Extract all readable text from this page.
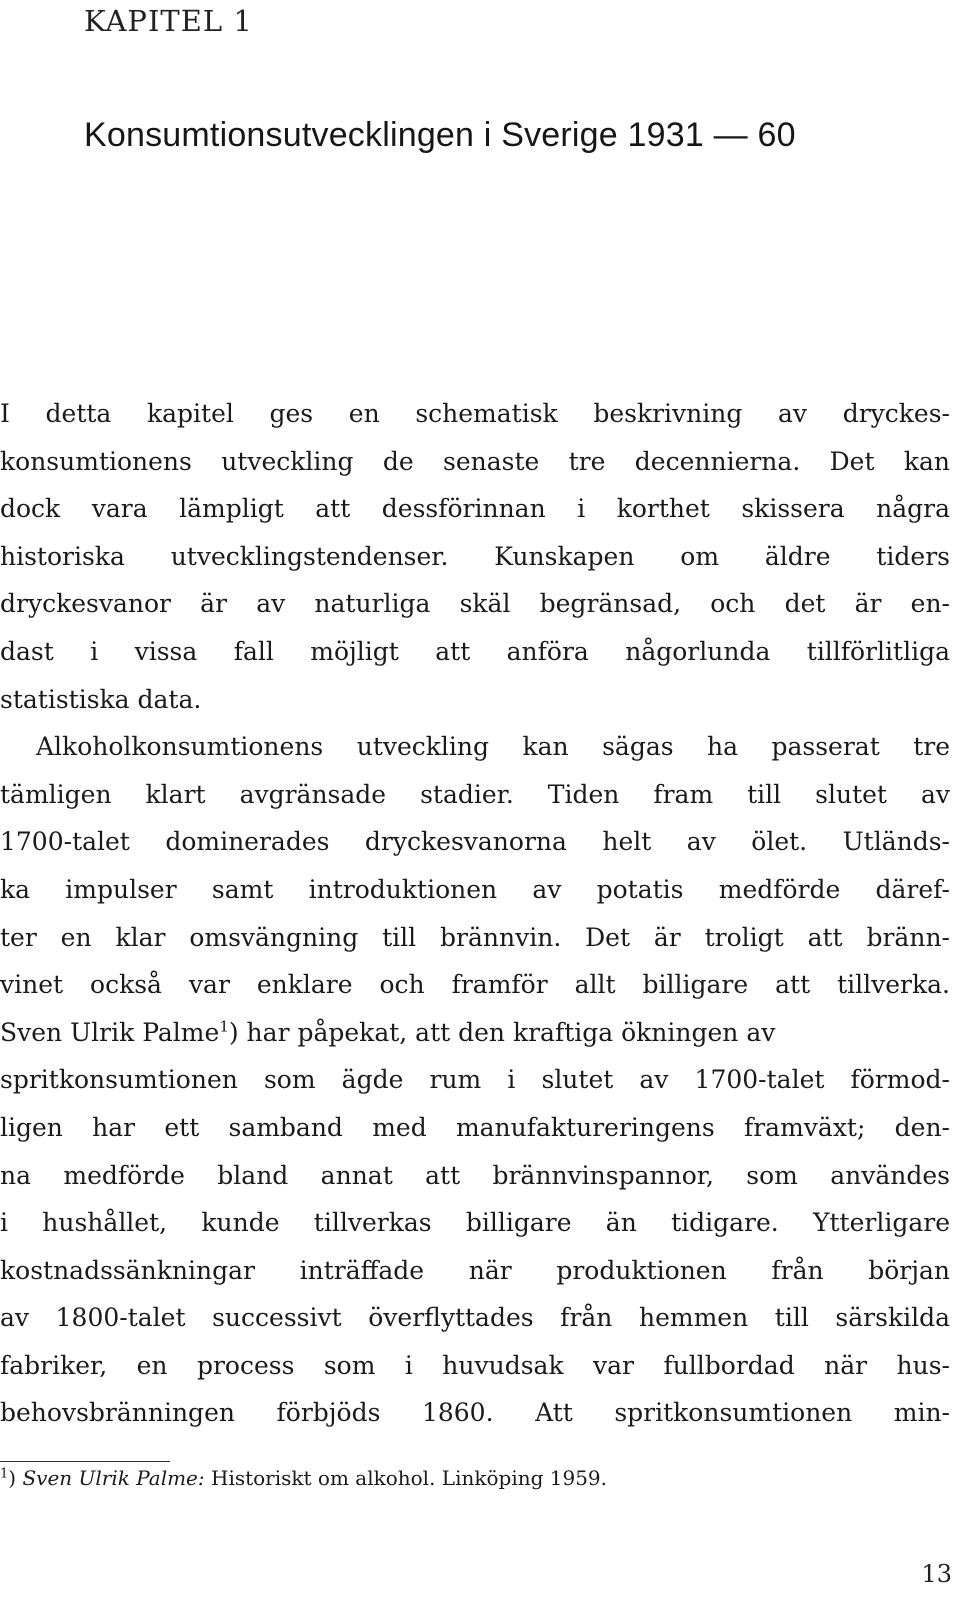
KAPITEL 1
Konsumtionsutvecklingen i Sverige 1931 — 60
I detta kapitel ges en schematisk beskrivning av dryckes-
konsumtionens utveckling de senaste tre decennierna. Det kan
dock vara lämpligt att dessförinnan i korthet skissera några
historiska utvecklingstendenser. Kunskapen om äldre tiders
dryckesvanor är av naturliga skäl begränsad, och det är en-
dast i vissa fall möjligt att anföra någorlunda tillförlitliga
statistiska data.
Alkoholkonsumtionens utveckling kan sägas ha passerat tre
tämligen klart avgränsade stadier. Tiden fram till slutet av
1700-talet dominerades dryckesvanorna helt av ölet. Utländs-
ka impulser samt introduktionen av potatis medförde däref-
ter en klar omsvängning till brännvin. Det är troligt att bränn-
vinet också var enklare och framför allt billigare att tillverka.
Sven Ulrik Palme$^1$) har påpekat, att den kraftiga ökningen av
spritkonsumtionen som ägde rum i slutet av 1700-talet förmod-
ligen har ett samband med manufaktureringens framväxt; den-
na medförde bland annat att brännvinspannor, som användes
i hushållet, kunde tillverkas billigare än tidigare. Ytterligare
kostnadssänkningar inträffade när produktionen från början
av 1800-talet successivt överflyttades från hemmen till särskilda
fabriker, en process som i huvudsak var fullbordad när hus-
behovsbränningen förbjöds 1860. Att spritkonsumtionen min-
$^1$) Sven Ulrik Palme: Historiskt om alkohol. Linköping 1959.
13
